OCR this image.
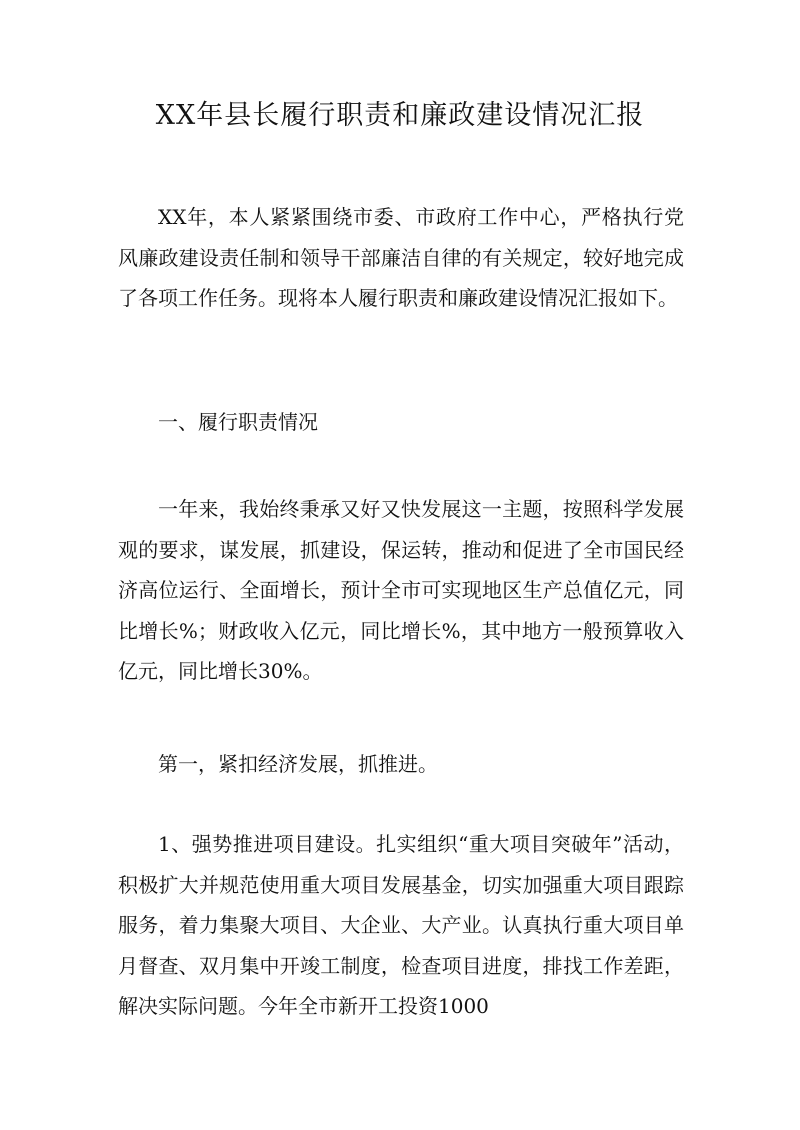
XX年县长履行职责和廉政建设情况汇报

XX年，本人紧紧围绕市委、市政府工作中心，严格执行党风廉政建设责任制和领导干部廉洁自律的有关规定，较好地完成了各项工作任务。现将本人履行职责和廉政建设情况汇报如下。

一、履行职责情况

一年来，我始终秉承又好又快发展这一主题，按照科学发展观的要求，谋发展，抓建设，保运转，推动和促进了全市国民经济高位运行、全面增长，预计全市可实现地区生产总值亿元，同比增长%；财政收入亿元，同比增长%，其中地方一般预算收入亿元，同比增长30%。

第一，紧扣经济发展，抓推进。

1、强势推进项目建设。扎实组织“重大项目突破年”活动，积极扩大并规范使用重大项目发展基金，切实加强重大项目跟踪服务，着力集聚大项目、大企业、大产业。认真执行重大项目单月督查、双月集中开竣工制度，检查项目进度，排找工作差距，解决实际问题。今年全市新开工投资1000
